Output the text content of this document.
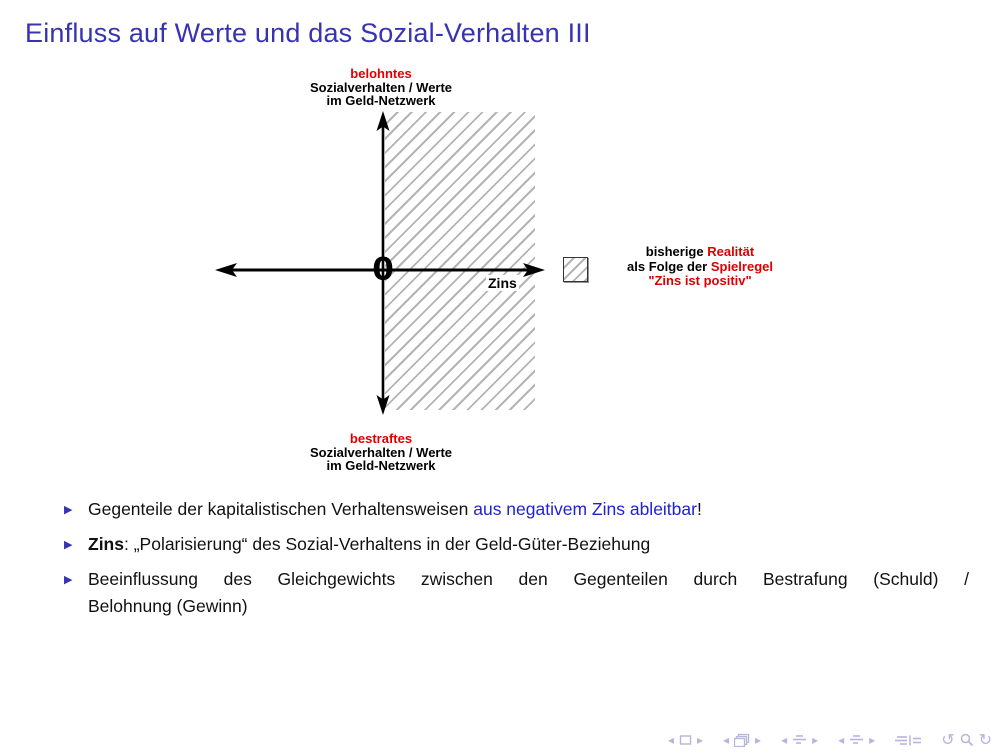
Einfluss auf Werte und das Sozial-Verhalten III
belohntes
Sozialverhalten / Werte
im Geld-Netzwerk
0	Zins
bestraftes
Sozialverhalten / Werte
im Geld-Netzwerk
bisherige Realität
als Folge der Spielregel
"Zins ist positiv"
▶ Gegenteile der kapitalistischen Verhaltensweisen aus negativem Zins ableitbar!
▶ Zins: „Polarisierung“ des Sozial-Verhaltens in der Geld-Güter-Beziehung
▶ Beeinflussung des Gleichgewichts zwischen den Gegenteilen durch Bestrafung (Schuld) /
Belohnung (Gewinn)
◂ ▸ ◂ ▸ ◂ ▸ ◂ ▸	↺ ↻
